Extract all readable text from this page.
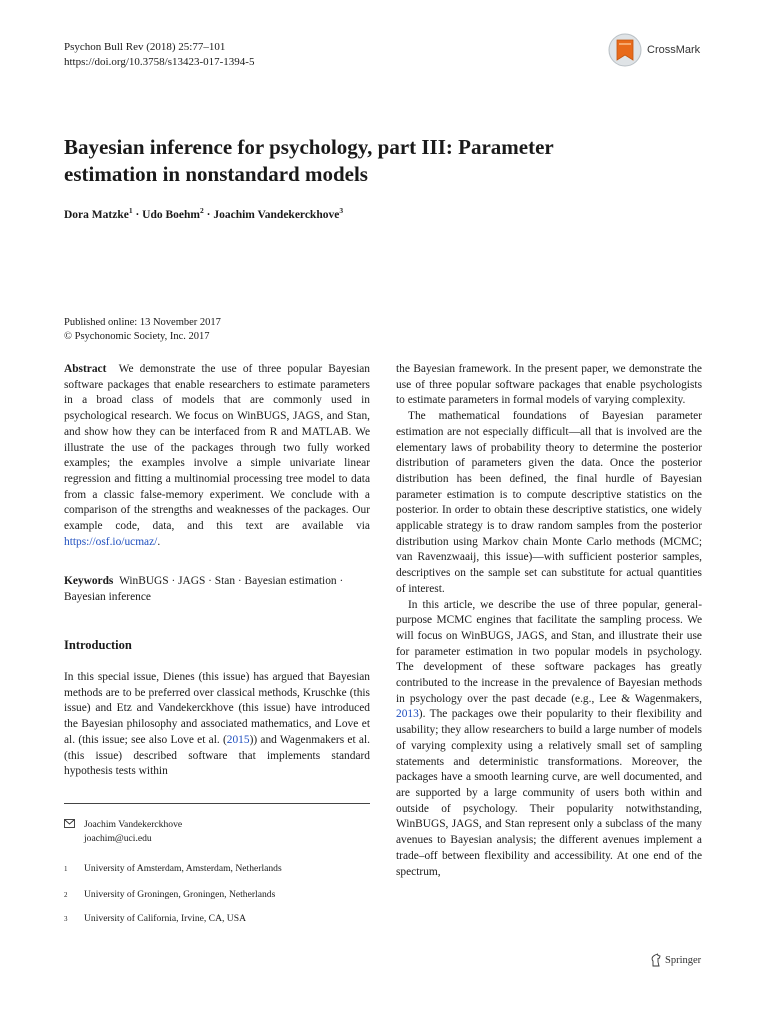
Psychon Bull Rev (2018) 25:77–101
https://doi.org/10.3758/s13423-017-1394-5
CrossMark
Bayesian inference for psychology, part III: Parameter estimation in nonstandard models
Dora Matzke$^1$ · Udo Boehm$^2$ · Joachim Vandekerckhove$^3$
Published online: 13 November 2017
© Psychonomic Society, Inc. 2017

Abstract We demonstrate the use of three popular Bayesian software packages that enable researchers to estimate parameters in a broad class of models that are commonly used in psychological research. We focus on WinBUGS, JAGS, and Stan, and show how they can be interfaced from R and MATLAB. We illustrate the use of the packages through two fully worked examples; the examples involve a simple univariate linear regression and fitting a multinomial processing tree model to data from a classic false-memory experiment. We conclude with a comparison of the strengths and weaknesses of the packages. Our example code, data, and this text are available via https://osf.io/ucmaz/.

Keywords WinBUGS · JAGS · Stan · Bayesian estimation · Bayesian inference

Introduction

In this special issue, Dienes (this issue) has argued that Bayesian methods are to be preferred over classical methods, Kruschke (this issue) and Etz and Vandekerckhove (this issue) have introduced the Bayesian philosophy and associated mathematics, and Love et al. (this issue; see also Love et al. (2015)) and Wagenmakers et al. (this issue) described software that implements standard hypothesis tests within

Joachim Vandekerckhove
joachim@uci.edu
$^1$ University of Amsterdam, Amsterdam, Netherlands
$^2$ University of Groningen, Groningen, Netherlands
$^3$ University of California, Irvine, CA, USA

the Bayesian framework. In the present paper, we demonstrate the use of three popular software packages that enable psychologists to estimate parameters in formal models of varying complexity.

The mathematical foundations of Bayesian parameter estimation are not especially difficult—all that is involved are the elementary laws of probability theory to determine the posterior distribution of parameters given the data. Once the posterior distribution has been defined, the final hurdle of Bayesian parameter estimation is to compute descriptive statistics on the posterior. In order to obtain these descriptive statistics, one widely applicable strategy is to draw random samples from the posterior distribution using Markov chain Monte Carlo methods (MCMC; van Ravenzwaaij, this issue)—with sufficient posterior samples, descriptives on the sample set can substitute for actual quantities of interest.

In this article, we describe the use of three popular, general-purpose MCMC engines that facilitate the sampling process. We will focus on WinBUGS, JAGS, and Stan, and illustrate their use for parameter estimation in two popular models in psychology. The development of these software packages has greatly contributed to the increase in the prevalence of Bayesian methods in psychology over the past decade (e.g., Lee & Wagenmakers, 2013). The packages owe their popularity to their flexibility and usability; they allow researchers to build a large number of models of varying complexity using a relatively small set of sampling statements and deterministic transformations. Moreover, the packages have a smooth learning curve, are well documented, and are supported by a large community of users both within and outside of psychology. Their popularity notwithstanding, WinBUGS, JAGS, and Stan represent only a subclass of the many avenues to Bayesian analysis; the different avenues implement a trade–off between flexibility and accessibility. At one end of the spectrum,

Springer
